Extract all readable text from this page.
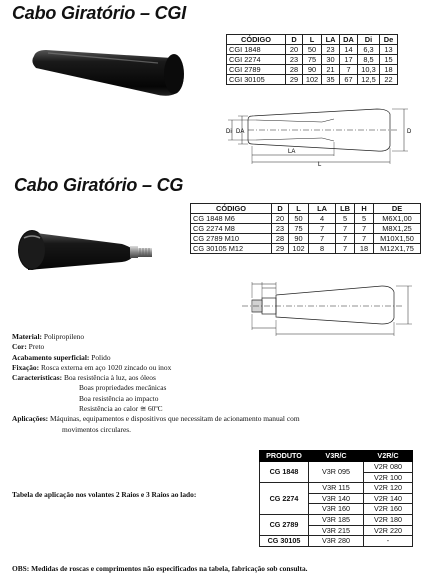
Cabo Giratório – CGI
CÓDIGO	D	L	LA	DA	Di	De
CGI 1848	20	50	23	14	6,3	13
CGI 2274	23	75	30	17	8,5	15
CGI 2789	28	90	21	7	10,3	18
CGI 30105	29	102	35	67	12,5	22
Di DA	D
LA
L
Cabo Giratório – CG
CÓDIGO	D	L	LA	LB	H	DE
CG 1848 M6	20	50	4	5	5	M6X1,00
CG 2274 M8	23	75	7	7	7	M8X1,25
CG 2789 M10	28	90	7	7	7	M10X1,50
CG 30105 M12	29	102	8	7	18	M12X1,75
Material: Polipropileno
Cor: Preto
Acabamento superficial: Polido
Fixação: Rosca externa em aço 1020 zincado ou inox
Características: Boa resistência à luz, aos óleos
Boas propriedades mecânicas
Boa resistência ao impacto
Resistência ao calor ≅ 60ºC
Aplicações: Máquinas, equipamentos e dispositivos que necessitam de acionamento manual com
movimentos circulares.
Tabela de aplicação nos volantes 2 Raios e 3 Raios ao lado:
PRODUTO	V3R/C	V2R/C
CG 1848	V3R 095	V2R 080
		V2R 100
CG 2274	V3R 115	V2R 120
	V3R 140	V2R 140
	V3R 160	V2R 160
CG 2789	V3R 185	V2R 180
	V3R 215	V2R 220
CG 30105	V3R 280	-
OBS: Medidas de roscas e comprimentos não especificados na tabela, fabricação sob consulta.
